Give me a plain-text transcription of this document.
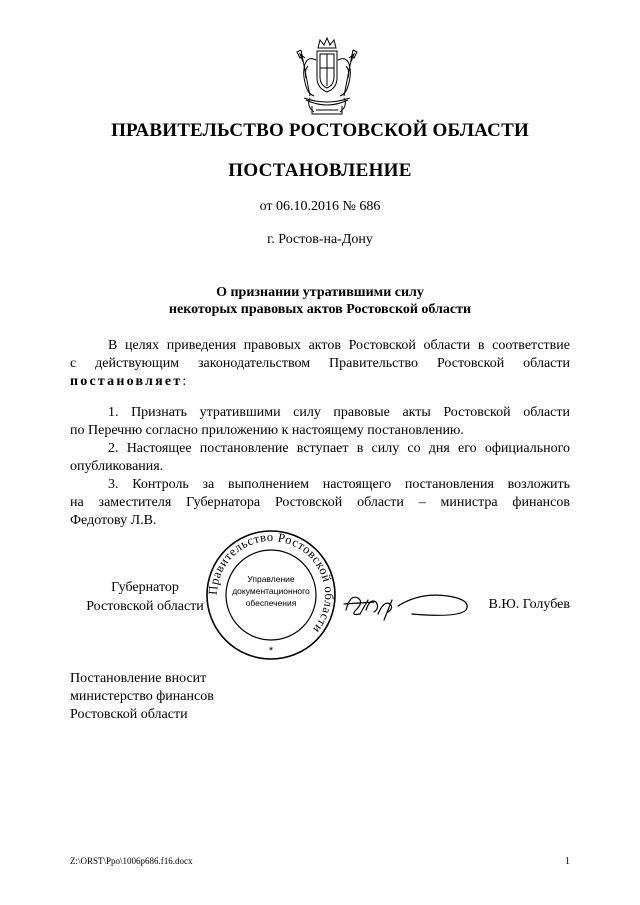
ПРАВИТЕЛЬСТВО РОСТОВСКОЙ ОБЛАСТИ
ПОСТАНОВЛЕНИЕ
от 06.10.2016 № 686
г. Ростов-на-Дону
О признании утратившими силу
некоторых правовых актов Ростовской области
В целях приведения правовых актов Ростовской области в соответствие
с действующим законодательством Правительство Ростовской области
постановляет:
1. Признать утратившими силу правовые акты Ростовской области
по Перечню согласно приложению к настоящему постановлению.
2. Настоящее постановление вступает в силу со дня его официального
опубликования.
3. Контроль за выполнением настоящего постановления возложить
на заместителя Губернатора Ростовской области – министра финансов
Федотову Л.В.
Губернатор
Ростовской области
Правительство Ростовской области
Управление
документационного
обеспечения
*
В.Ю. Голубев
Постановление вносит
министерство финансов
Ростовской области
Z:\ORST\Ppo\1006p686.f16.docx	1
